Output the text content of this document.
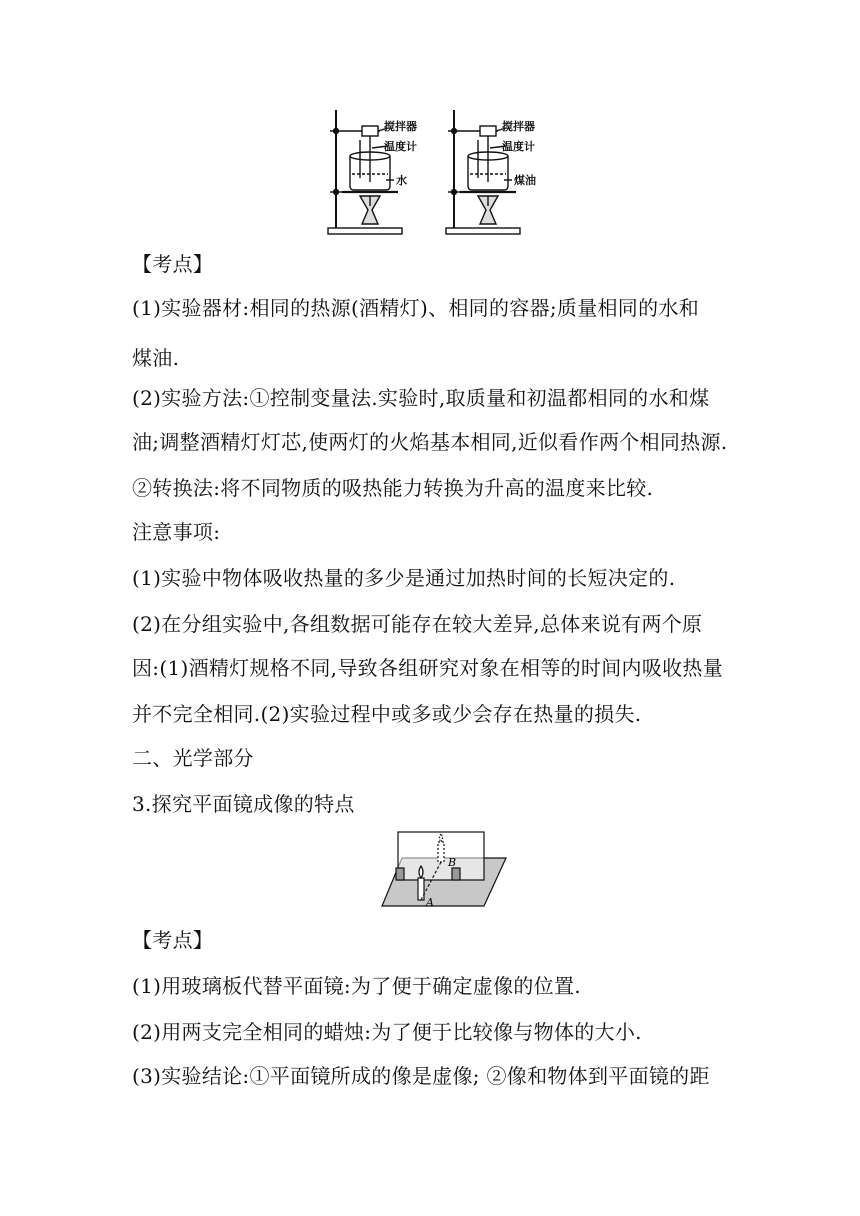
搅拌器
温度计
水
搅拌器
温度计
煤油
B
A
【考点】
(1)实验器材:相同的热源(酒精灯)、相同的容器;质量相同的水和
煤油.
(2)实验方法:①控制变量法.实验时,取质量和初温都相同的水和煤
油;调整酒精灯灯芯,使两灯的火焰基本相同,近似看作两个相同热源.
②转换法:将不同物质的吸热能力转换为升高的温度来比较.
注意事项:
(1)实验中物体吸收热量的多少是通过加热时间的长短决定的.
(2)在分组实验中,各组数据可能存在较大差异,总体来说有两个原
因:(1)酒精灯规格不同,导致各组研究对象在相等的时间内吸收热量
并不完全相同.(2)实验过程中或多或少会存在热量的损失.
二、光学部分
3.探究平面镜成像的特点
【考点】
(1)用玻璃板代替平面镜:为了便于确定虚像的位置.
(2)用两支完全相同的蜡烛:为了便于比较像与物体的大小.
(3)实验结论:①平面镜所成的像是虚像; ②像和物体到平面镜的距
